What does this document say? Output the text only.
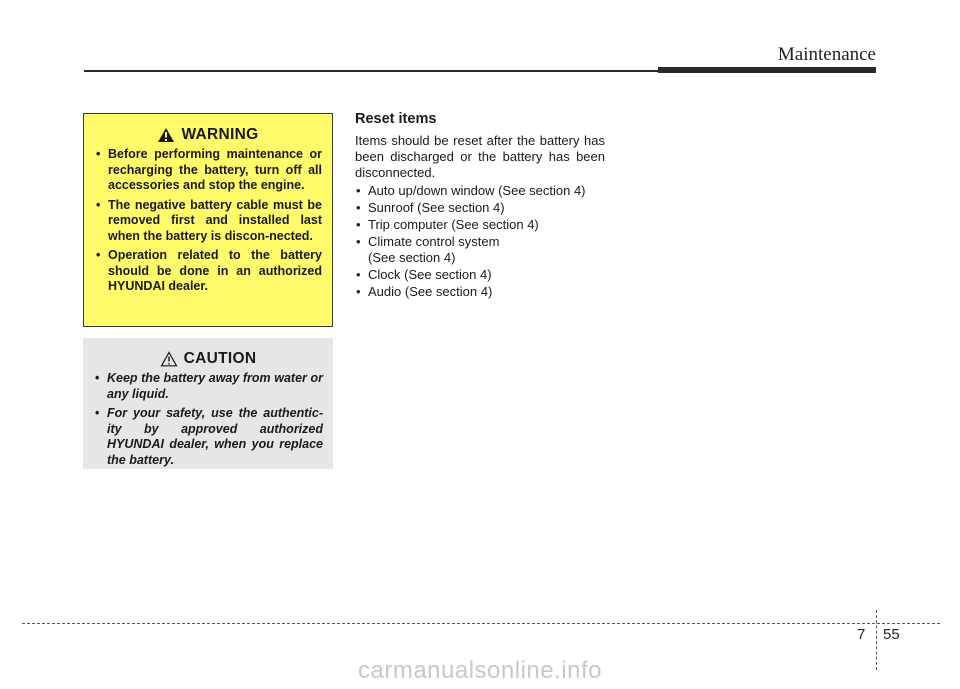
Maintenance
WARNING
• Before performing maintenance or recharging the battery, turn off all accessories and stop the engine.
• The negative battery cable must be removed first and installed last when the battery is discon-nected.
• Operation related to the battery should be done in an authorized HYUNDAI dealer.
CAUTION
• Keep the battery away from water or any liquid.
• For your safety, use the authentic-ity by approved authorized HYUNDAI dealer, when you replace the battery.
Reset items

Items should be reset after the battery has been discharged or the battery has been disconnected.

• Auto up/down window (See section 4)
• Sunroof (See section 4)
• Trip computer (See section 4)
• Climate control system (See section 4)
• Clock (See section 4)
• Audio (See section 4)
7 55
carmanualsonline.info
